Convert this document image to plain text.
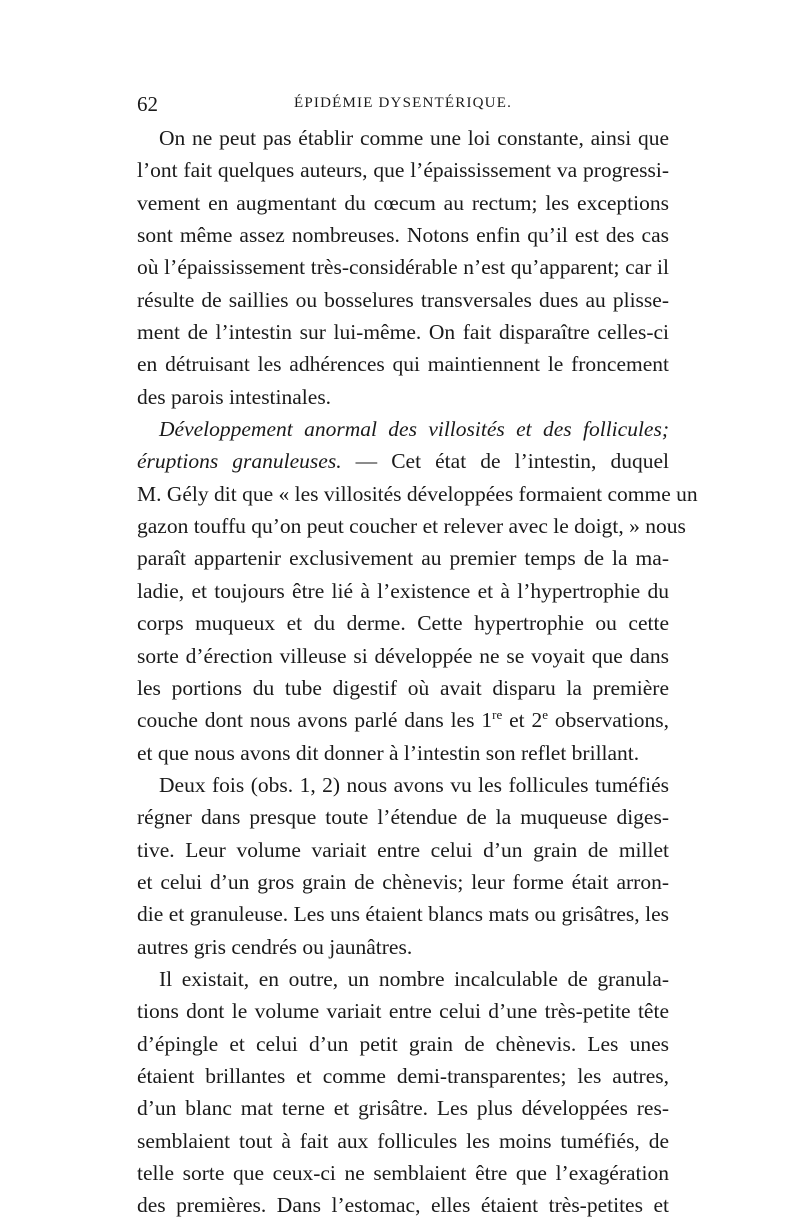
62	ÉPIDÉMIE DYSENTÉRIQUE.
On ne peut pas établir comme une loi constante, ainsi que
l’ont fait quelques auteurs, que l’épaississement va progressi-
vement en augmentant du cœcum au rectum; les exceptions
sont même assez nombreuses. Notons enfin qu’il est des cas
où l’épaississement très-considérable n’est qu’apparent; car il
résulte de saillies ou bosselures transversales dues au plisse-
ment de l’intestin sur lui-même. On fait disparaître celles-ci
en détruisant les adhérences qui maintiennent le froncement
des parois intestinales.
Développement anormal des villosités et des follicules;
éruptions granuleuses. — Cet état de l’intestin, duquel
M. Gély dit que « les villosités développées formaient comme un
gazon touffu qu’on peut coucher et relever avec le doigt, » nous
paraît appartenir exclusivement au premier temps de la ma-
ladie, et toujours être lié à l’existence et à l’hypertrophie du
corps muqueux et du derme. Cette hypertrophie ou cette
sorte d’érection villeuse si développée ne se voyait que dans
les portions du tube digestif où avait disparu la première
couche dont nous avons parlé dans les 1re et 2e observations,
et que nous avons dit donner à l’intestin son reflet brillant.
Deux fois (obs. 1, 2) nous avons vu les follicules tuméfiés
régner dans presque toute l’étendue de la muqueuse diges-
tive. Leur volume variait entre celui d’un grain de millet
et celui d’un gros grain de chènevis; leur forme était arron-
die et granuleuse. Les uns étaient blancs mats ou grisâtres, les
autres gris cendrés ou jaunâtres.
Il existait, en outre, un nombre incalculable de granula-
tions dont le volume variait entre celui d’une très-petite tête
d’épingle et celui d’un petit grain de chènevis. Les unes
étaient brillantes et comme demi-transparentes; les autres,
d’un blanc mat terne et grisâtre. Les plus développées res-
semblaient tout à fait aux follicules les moins tuméfiés, de
telle sorte que ceux-ci ne semblaient être que l’exagération
des premières. Dans l’estomac, elles étaient très-petites et
